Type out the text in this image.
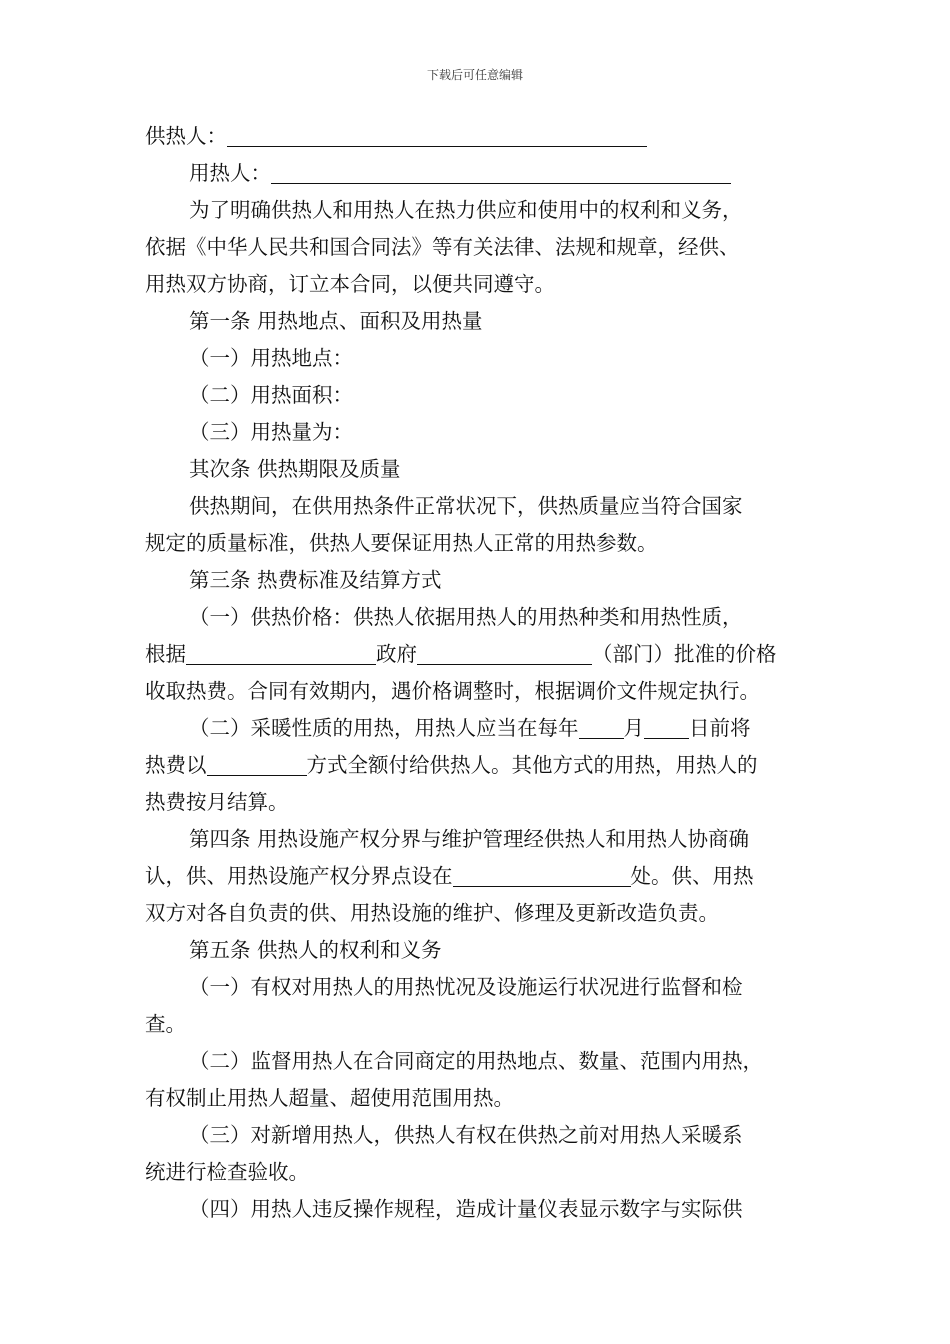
下载后可任意编辑
供热人：
用热人：
为了明确供热人和用热人在热力供应和使用中的权利和义务，
依据《中华人民共和国合同法》等有关法律、法规和规章，经供、
用热双方协商，订立本合同，以便共同遵守。
第一条 用热地点、面积及用热量
（一）用热地点：
（二）用热面积：
（三）用热量为：
其次条 供热期限及质量
供热期间，在供用热条件正常状况下，供热质量应当符合国家
规定的质量标准，供热人要保证用热人正常的用热参数。
第三条 热费标准及结算方式
（一）供热价格：供热人依据用热人的用热种类和用热性质，
根据	政府	（部门）批准的价格
收取热费。合同有效期内，遇价格调整时，根据调价文件规定执行。
（二）采暖性质的用热，用热人应当在每年 月 日前将
热费以	方式全额付给供热人。其他方式的用热，用热人的
热费按月结算。
第四条 用热设施产权分界与维护管理经供热人和用热人协商确
认，供、用热设施产权分界点设在	处。供、用热
双方对各自负责的供、用热设施的维护、修理及更新改造负责。
第五条 供热人的权利和义务
（一）有权对用热人的用热忧况及设施运行状况进行监督和检
查。
（二）监督用热人在合同商定的用热地点、数量、范围内用热，
有权制止用热人超量、超使用范围用热。
（三）对新增用热人，供热人有权在供热之前对用热人采暖系
统进行检查验收。
（四）用热人违反操作规程，造成计量仪表显示数字与实际供
